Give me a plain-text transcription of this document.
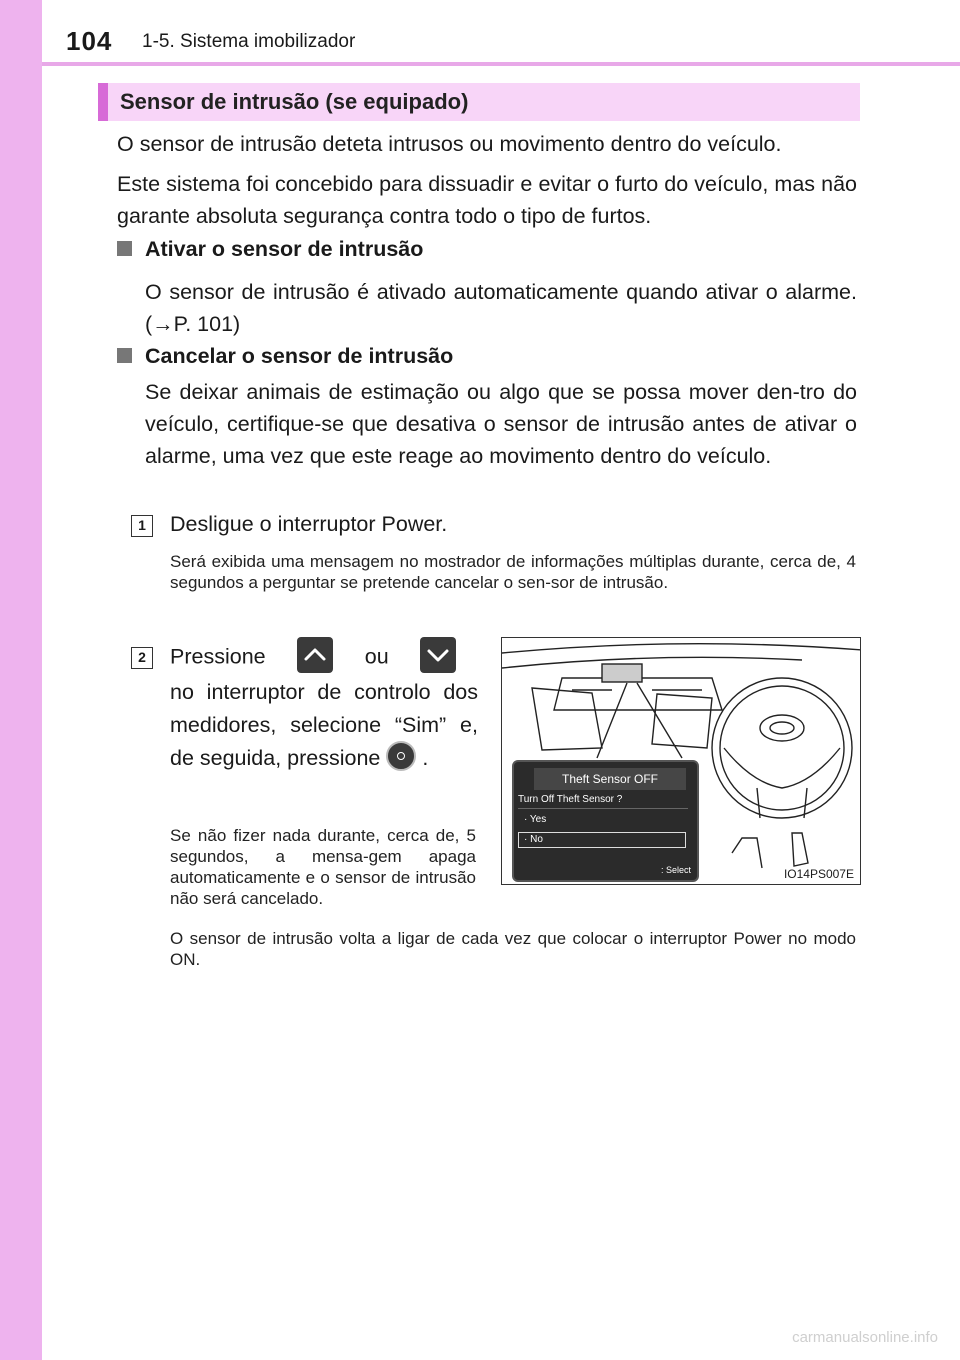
104 1-5. Sistema imobilizador
Sensor de intrusão (se equipado)
O sensor de intrusão deteta intrusos ou movimento dentro do veículo.
Este sistema foi concebido para dissuadir e evitar o furto do veículo, mas não garante absoluta segurança contra todo o tipo de furtos.
Ativar o sensor de intrusão
O sensor de intrusão é ativado automaticamente quando ativar o alarme. (→P. 101)
Cancelar o sensor de intrusão
Se deixar animais de estimação ou algo que se possa mover den-tro do veículo, certifique-se que desativa o sensor de intrusão antes de ativar o alarme, uma vez que este reage ao movimento dentro do veículo.
1	Desligue o interruptor Power.
Será exibida uma mensagem no mostrador de informações múltiplas durante, cerca de, 4 segundos a perguntar se pretende cancelar o sen-sor de intrusão.
2	Pressione	ou
no interruptor de controlo dos medidores, selecione “Sim” e, de seguida, pressione .
Se não fizer nada durante, cerca de, 5 segundos, a mensa-gem apaga automaticamente e o sensor de intrusão não será cancelado.
Theft Sensor OFF
Turn Off Theft Sensor ?
· Yes
· No
: Select	IO14PS007E
O sensor de intrusão volta a ligar de cada vez que colocar o interruptor Power no modo ON.
carmanualsonline.info
